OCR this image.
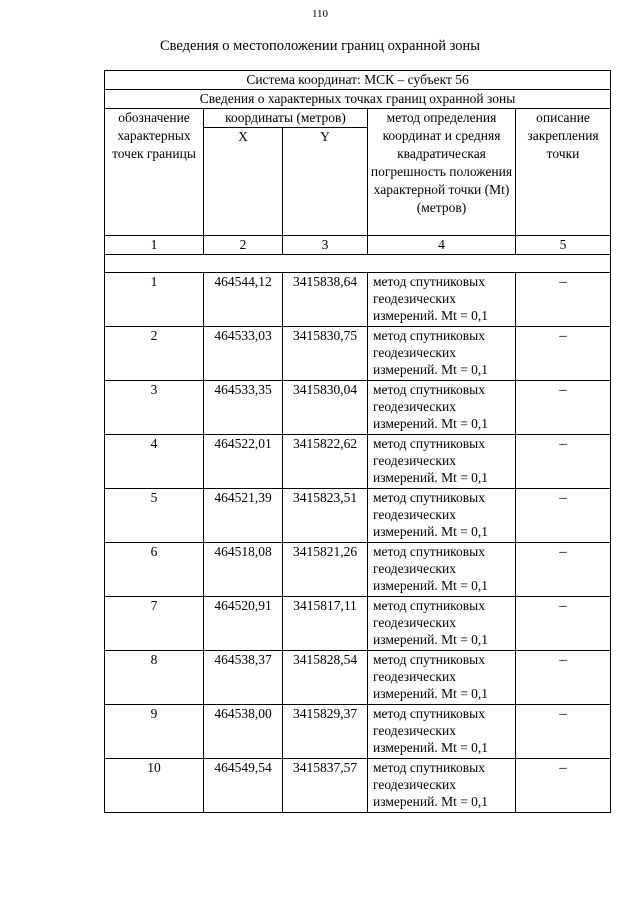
110
Сведения о местоположении границ охранной зоны
Система координат: МСК – субъект 56				
Сведения о характерных точках границ охранной зоны				
обозначение характерных точек границы	координаты (метров)		метод определения координат и средняя квадратическая погрешность положения характерной точки (Mt) (метров)	описание закрепления точки
	X	Y		
1	2	3	4	5

1	464544,12	3415838,64	метод спутниковых геодезических измерений. Mt = 0,1	–
2	464533,03	3415830,75	метод спутниковых геодезических измерений. Mt = 0,1	–
3	464533,35	3415830,04	метод спутниковых геодезических измерений. Mt = 0,1	–
4	464522,01	3415822,62	метод спутниковых геодезических измерений. Mt = 0,1	–
5	464521,39	3415823,51	метод спутниковых геодезических измерений. Mt = 0,1	–
6	464518,08	3415821,26	метод спутниковых геодезических измерений. Mt = 0,1	–
7	464520,91	3415817,11	метод спутниковых геодезических измерений. Mt = 0,1	–
8	464538,37	3415828,54	метод спутниковых геодезических измерений. Mt = 0,1	–
9	464538,00	3415829,37	метод спутниковых геодезических измерений. Mt = 0,1	–
10	464549,54	3415837,57	метод спутниковых геодезических измерений. Mt = 0,1	–
